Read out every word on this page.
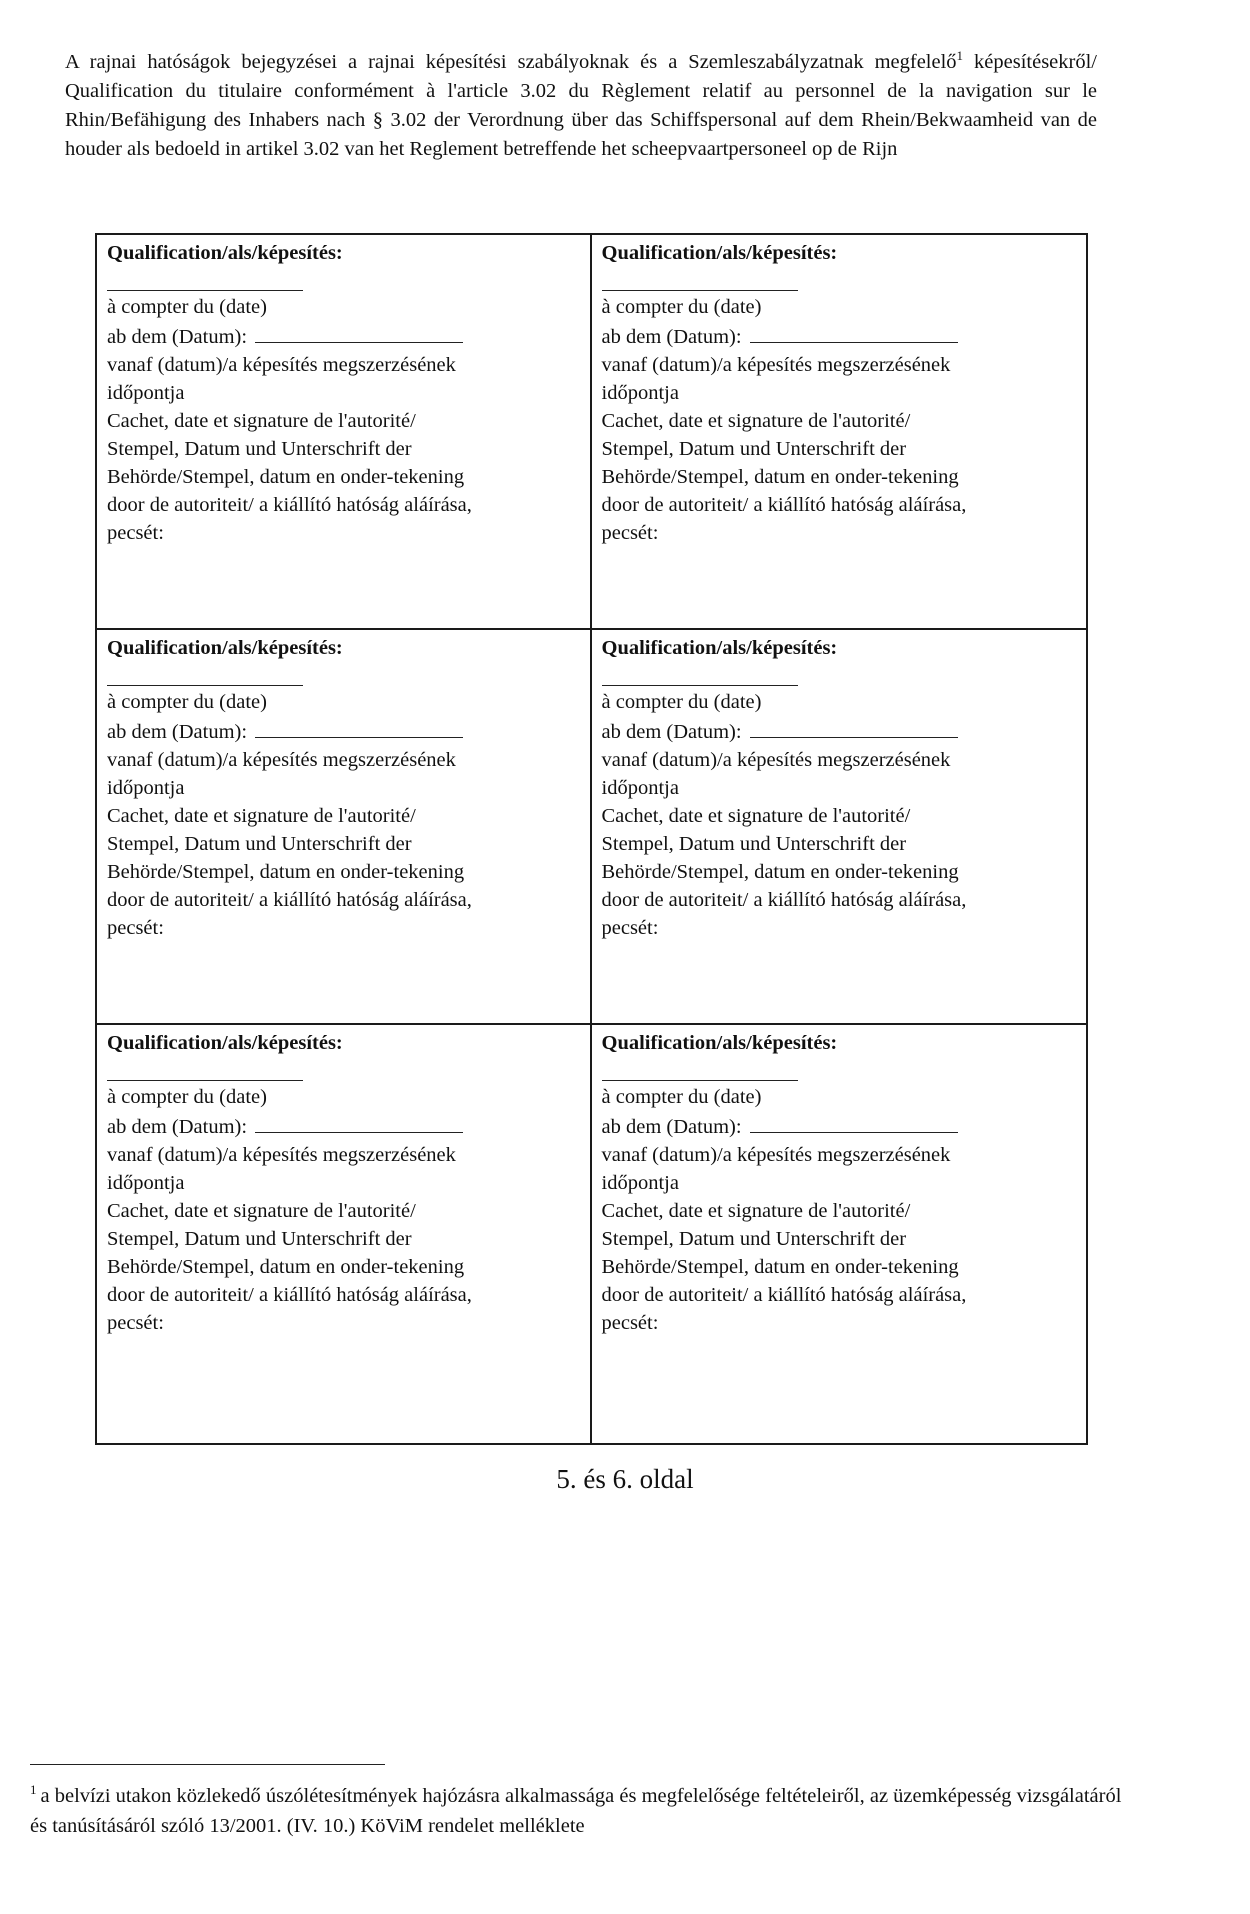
A rajnai hatóságok bejegyzései a rajnai képesítési szabályoknak és a Szemleszabályzatnak megfelelő$^1$ képesítésekről/ Qualification du titulaire conformément à l'article 3.02 du Règlement relatif au personnel de la navigation sur le Rhin/Befähigung des Inhabers nach § 3.02 der Verordnung über das Schiffspersonal auf dem Rhein/Bekwaamheid van de houder als bedoeld in artikel 3.02 van het Reglement betreffende het scheepvaartpersoneel op de Rijn
Qualification/als/képesítés:
à compter du (date)
ab dem (Datum):
vanaf (datum)/a képesítés megszerzésének
időpontja
Cachet, date et signature de l'autorité/
Stempel, Datum und Unterschrift der
Behörde/Stempel, datum en onder-tekening
door de autoriteit/ a kiállító hatóság aláírása,
pecsét:
Qualification/als/képesítés:
à compter du (date)
ab dem (Datum):
vanaf (datum)/a képesítés megszerzésének
időpontja
Cachet, date et signature de l'autorité/
Stempel, Datum und Unterschrift der
Behörde/Stempel, datum en onder-tekening
door de autoriteit/ a kiállító hatóság aláírása,
pecsét:
Qualification/als/képesítés:
à compter du (date)
ab dem (Datum):
vanaf (datum)/a képesítés megszerzésének
időpontja
Cachet, date et signature de l'autorité/
Stempel, Datum und Unterschrift der
Behörde/Stempel, datum en onder-tekening
door de autoriteit/ a kiállító hatóság aláírása,
pecsét:
Qualification/als/képesítés:
à compter du (date)
ab dem (Datum):
vanaf (datum)/a képesítés megszerzésének
időpontja
Cachet, date et signature de l'autorité/
Stempel, Datum und Unterschrift der
Behörde/Stempel, datum en onder-tekening
door de autoriteit/ a kiállító hatóság aláírása,
pecsét:
Qualification/als/képesítés:
à compter du (date)
ab dem (Datum):
vanaf (datum)/a képesítés megszerzésének
időpontja
Cachet, date et signature de l'autorité/
Stempel, Datum und Unterschrift der
Behörde/Stempel, datum en onder-tekening
door de autoriteit/ a kiállító hatóság aláírása,
pecsét:
Qualification/als/képesítés:
à compter du (date)
ab dem (Datum):
vanaf (datum)/a képesítés megszerzésének
időpontja
Cachet, date et signature de l'autorité/
Stempel, Datum und Unterschrift der
Behörde/Stempel, datum en onder-tekening
door de autoriteit/ a kiállító hatóság aláírása,
pecsét:
5. és 6. oldal
$^1$ a belvízi utakon közlekedő úszólétesítmények hajózásra alkalmassága és megfelelősége feltételeiről, az üzemképesség vizsgálatáról és tanúsításáról szóló 13/2001. (IV. 10.) KöViM rendelet melléklete
